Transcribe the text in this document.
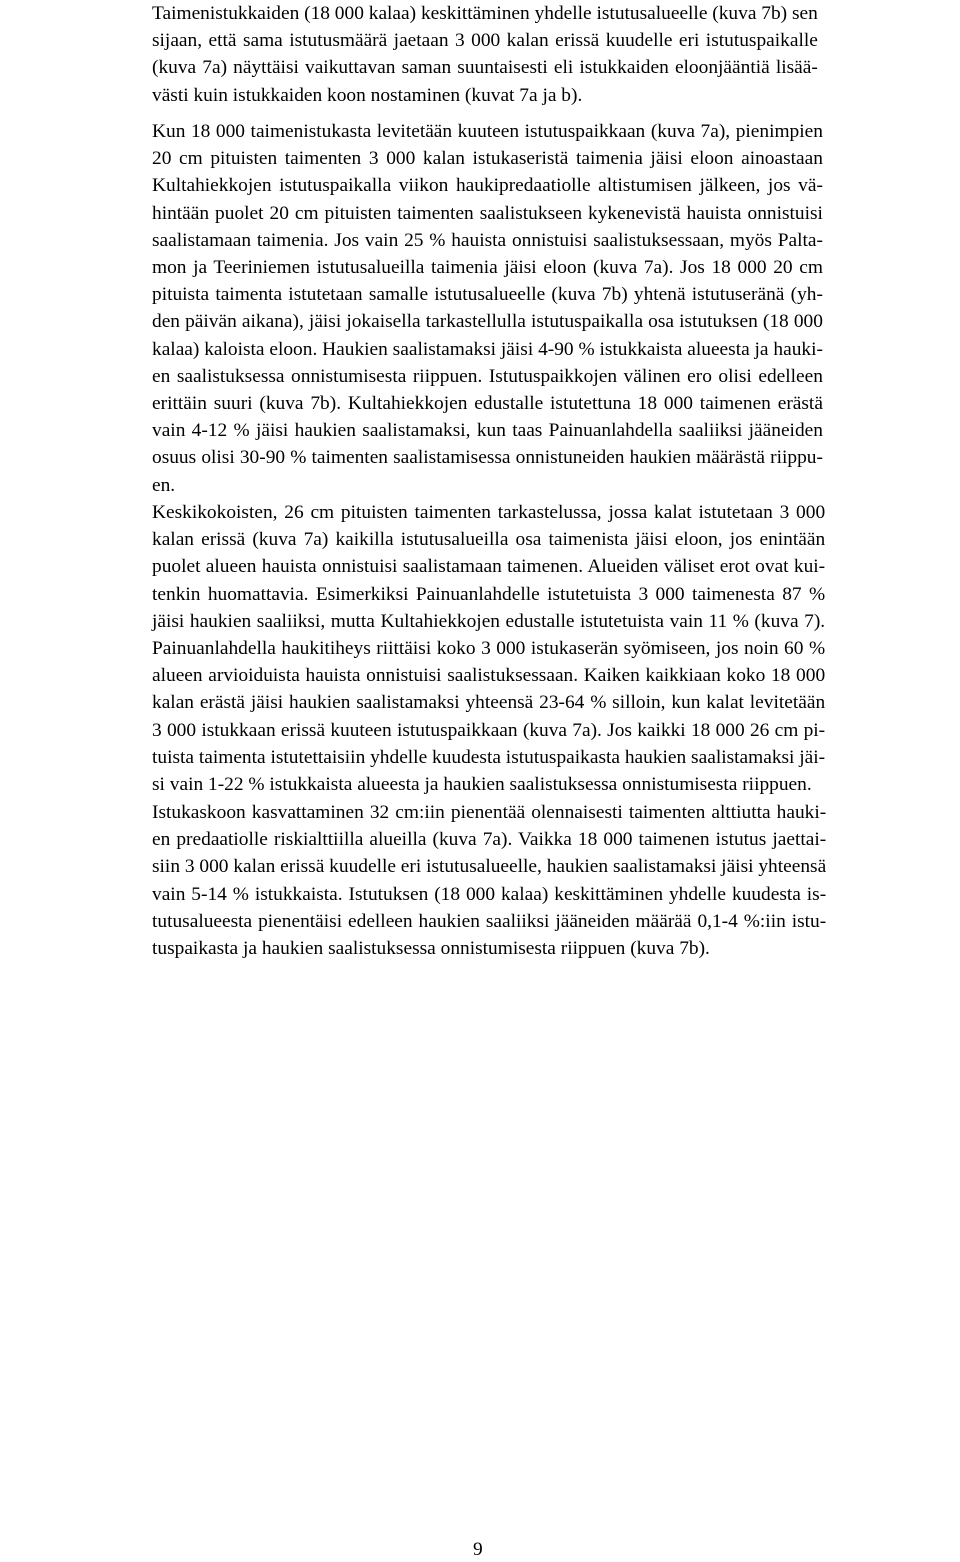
Taimenistukkaiden (18 000 kalaa) keskittäminen yhdelle istutusalueelle (kuva 7b) sen
sijaan, että sama istutusmäärä jaetaan 3 000 kalan erissä kuudelle eri istutuspaikalle
(kuva 7a) näyttäisi vaikuttavan saman suuntaisesti eli istukkaiden eloonjääntiä lisää-
västi kuin istukkaiden koon nostaminen (kuvat 7a ja b).
Kun 18 000 taimenistukasta levitetään kuuteen istutuspaikkaan (kuva 7a), pienimpien
20 cm pituisten taimenten 3 000 kalan istukaseristä taimenia jäisi eloon ainoastaan
Kultahiekkojen istutuspaikalla viikon haukipredaatiolle altistumisen jälkeen, jos vä-
hintään puolet 20 cm pituisten taimenten saalistukseen kykenevistä hauista onnistuisi
saalistamaan taimenia. Jos vain 25 % hauista onnistuisi saalistuksessaan, myös Palta-
mon ja Teeriniemen istutusalueilla taimenia jäisi eloon (kuva 7a). Jos 18 000 20 cm
pituista taimenta istutetaan samalle istutusalueelle (kuva 7b) yhtenä istutuseränä (yh-
den päivän aikana), jäisi jokaisella tarkastellulla istutuspaikalla osa istutuksen (18 000
kalaa) kaloista eloon. Haukien saalistamaksi jäisi 4-90 % istukkaista alueesta ja hauki-
en saalistuksessa onnistumisesta riippuen. Istutuspaikkojen välinen ero olisi edelleen
erittäin suuri (kuva 7b). Kultahiekkojen edustalle istutettuna 18 000 taimenen erästä
vain 4-12 % jäisi haukien saalistamaksi, kun taas Painuanlahdella saaliiksi jääneiden
osuus olisi 30-90 % taimenten saalistamisessa onnistuneiden haukien määrästä riippu-
en.
Keskikokoisten, 26 cm pituisten taimenten tarkastelussa, jossa kalat istutetaan 3 000
kalan erissä (kuva 7a) kaikilla istutusalueilla osa taimenista jäisi eloon, jos enintään
puolet alueen hauista onnistuisi saalistamaan taimenen. Alueiden väliset erot ovat kui-
tenkin huomattavia. Esimerkiksi Painuanlahdelle istutetuista 3 000 taimenesta 87 %
jäisi haukien saaliiksi, mutta Kultahiekkojen edustalle istutetuista vain 11 % (kuva 7).
Painuanlahdella haukitiheys riittäisi koko 3 000 istukaserän syömiseen, jos noin 60 %
alueen arvioiduista hauista onnistuisi saalistuksessaan. Kaiken kaikkiaan koko 18 000
kalan erästä jäisi haukien saalistamaksi yhteensä 23-64 % silloin, kun kalat levitetään
3 000 istukkaan erissä kuuteen istutuspaikkaan (kuva 7a). Jos kaikki 18 000 26 cm pi-
tuista taimenta istutettaisiin yhdelle kuudesta istutuspaikasta haukien saalistamaksi jäi-
si vain 1-22 % istukkaista alueesta ja haukien saalistuksessa onnistumisesta riippuen.
Istukaskoon kasvattaminen 32 cm:iin pienentää olennaisesti taimenten alttiutta hauki-
en predaatiolle riskialttiilla alueilla (kuva 7a). Vaikka 18 000 taimenen istutus jaettai-
siin 3 000 kalan erissä kuudelle eri istutusalueelle, haukien saalistamaksi jäisi yhteensä
vain 5-14 % istukkaista. Istutuksen (18 000 kalaa) keskittäminen yhdelle kuudesta is-
tutusalueesta pienentäisi edelleen haukien saaliiksi jääneiden määrää 0,1-4 %:iin istu-
tuspaikasta ja haukien saalistuksessa onnistumisesta riippuen (kuva 7b).
9
